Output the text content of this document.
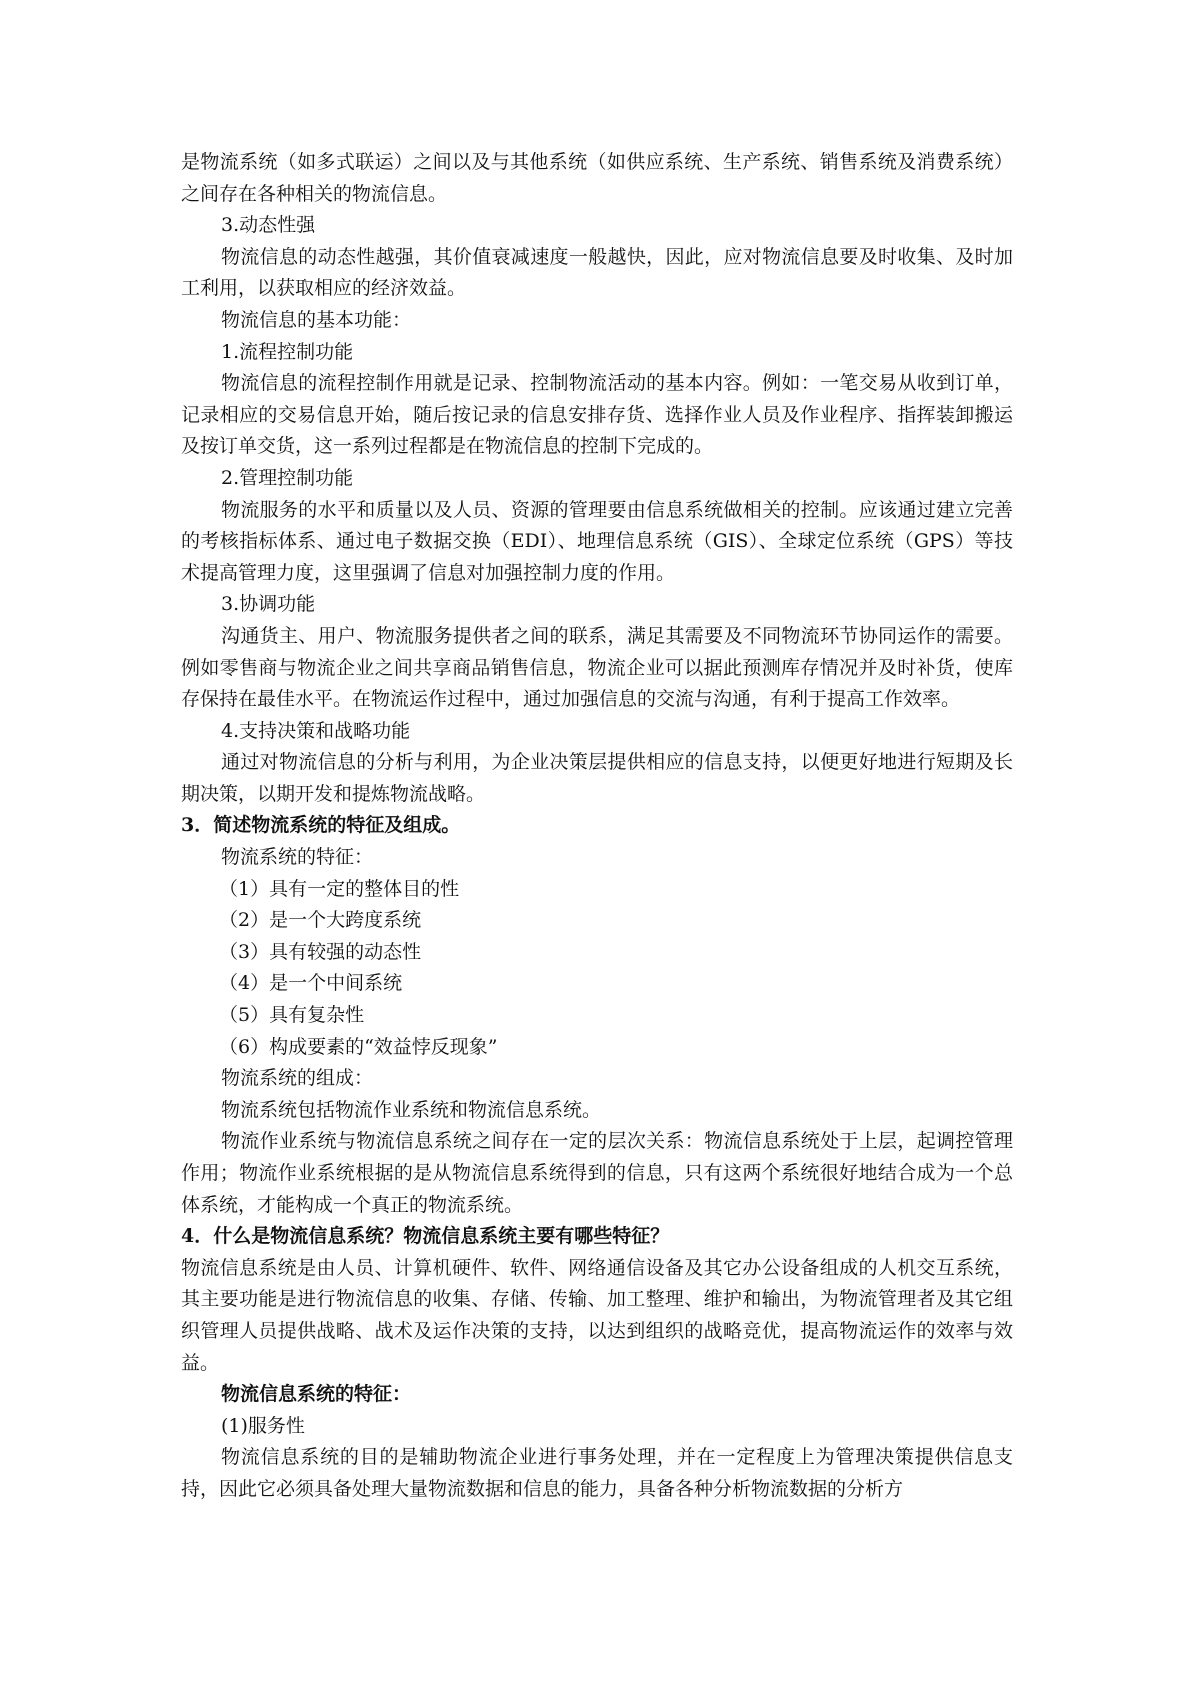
是物流系统（如多式联运）之间以及与其他系统（如供应系统、生产系统、销售系统及消费系统）之间存在各种相关的物流信息。

3.动态性强

物流信息的动态性越强，其价值衰减速度一般越快，因此，应对物流信息要及时收集、及时加工利用，以获取相应的经济效益。

物流信息的基本功能：

1.流程控制功能

物流信息的流程控制作用就是记录、控制物流活动的基本内容。例如：一笔交易从收到订单，记录相应的交易信息开始，随后按记录的信息安排存货、选择作业人员及作业程序、指挥装卸搬运及按订单交货，这一系列过程都是在物流信息的控制下完成的。

2.管理控制功能

物流服务的水平和质量以及人员、资源的管理要由信息系统做相关的控制。应该通过建立完善的考核指标体系、通过电子数据交换（EDI）、地理信息系统（GIS）、全球定位系统（GPS）等技术提高管理力度，这里强调了信息对加强控制力度的作用。

3.协调功能

沟通货主、用户、物流服务提供者之间的联系，满足其需要及不同物流环节协同运作的需要。例如零售商与物流企业之间共享商品销售信息，物流企业可以据此预测库存情况并及时补货，使库存保持在最佳水平。在物流运作过程中，通过加强信息的交流与沟通，有利于提高工作效率。

4.支持决策和战略功能

通过对物流信息的分析与利用，为企业决策层提供相应的信息支持，以便更好地进行短期及长期决策，以期开发和提炼物流战略。

3．简述物流系统的特征及组成。

物流系统的特征：

（1）具有一定的整体目的性

（2）是一个大跨度系统

（3）具有较强的动态性

（4）是一个中间系统

（5）具有复杂性

（6）构成要素的“效益悖反现象”

物流系统的组成：

物流系统包括物流作业系统和物流信息系统。

物流作业系统与物流信息系统之间存在一定的层次关系：物流信息系统处于上层，起调控管理作用；物流作业系统根据的是从物流信息系统得到的信息，只有这两个系统很好地结合成为一个总体系统，才能构成一个真正的物流系统。

4．什么是物流信息系统？物流信息系统主要有哪些特征？

物流信息系统是由人员、计算机硬件、软件、网络通信设备及其它办公设备组成的人机交互系统，其主要功能是进行物流信息的收集、存储、传输、加工整理、维护和输出，为物流管理者及其它组织管理人员提供战略、战术及运作决策的支持，以达到组织的战略竞优，提高物流运作的效率与效益。

物流信息系统的特征：

(1)服务性

物流信息系统的目的是辅助物流企业进行事务处理，并在一定程度上为管理决策提供信息支持，因此它必须具备处理大量物流数据和信息的能力，具备各种分析物流数据的分析方
